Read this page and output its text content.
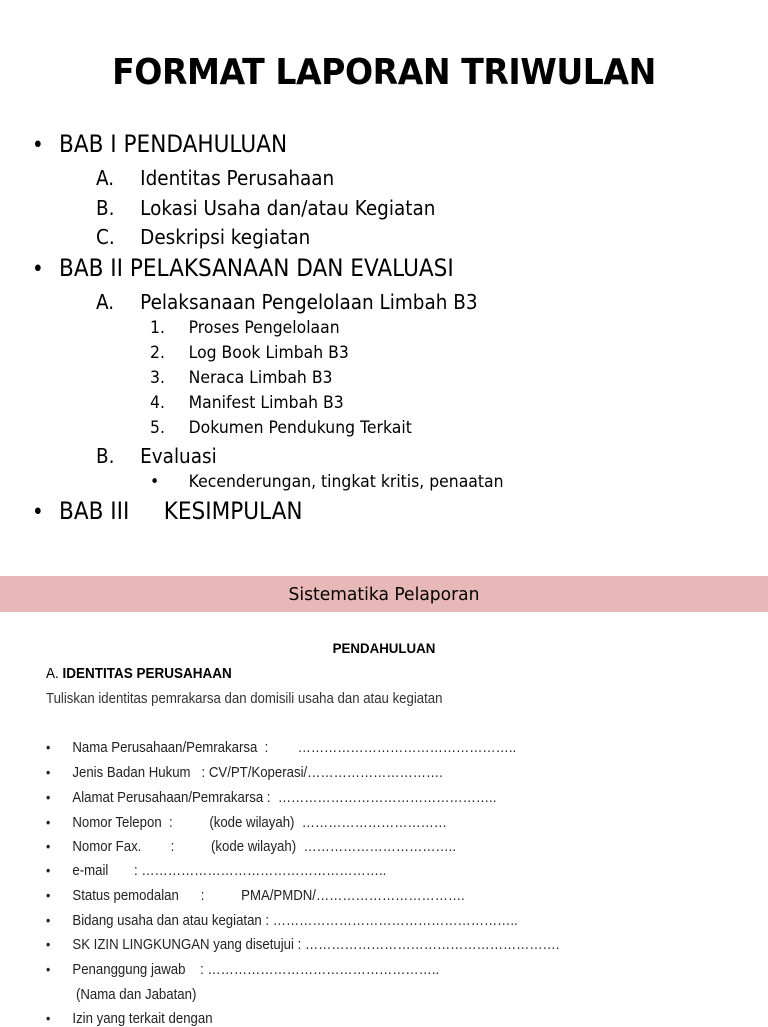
FORMAT LAPORAN TRIWULAN
• BAB I PENDAHULUAN
A. Identitas Perusahaan
B. Lokasi Usaha dan/atau Kegiatan
C. Deskripsi kegiatan
• BAB II PELAKSANAAN DAN EVALUASI
A. Pelaksanaan Pengelolaan Limbah B3
1. Proses Pengelolaan
2. Log Book Limbah B3
3. Neraca Limbah B3
4. Manifest Limbah B3
5. Dokumen Pendukung Terkait
B. Evaluasi
• Kecenderungan, tingkat kritis, penaatan
• BAB III     KESIMPULAN
Sistematika Pelaporan
PENDAHULUAN
A. IDENTITAS PERUSAHAAN
Tuliskan identitas pemrakarsa dan domisili usaha dan atau kegiatan
• Nama Perusahaan/Pemrakarsa  :        …………………………………………..
• Jenis Badan Hukum   : CV/PT/Koperasi/………………………….
• Alamat Perusahaan/Pemrakarsa :  …………………………………………..
• Nomor Telepon  :          (kode wilayah)  ……………………………
• Nomor Fax.        :          (kode wilayah)  ……………………………..
• e-mail       : ………………………………………………..
• Status pemodalan      :          PMA/PMDN/…………………………….
• Bidang usaha dan atau kegiatan : ………………………………………………..
• SK IZIN LINGKUNGAN yang disetujui : ………………………………………………….
• Penanggung jawab    : ……………………………………………..
(Nama dan Jabatan)
• Izin yang terkait dengan
